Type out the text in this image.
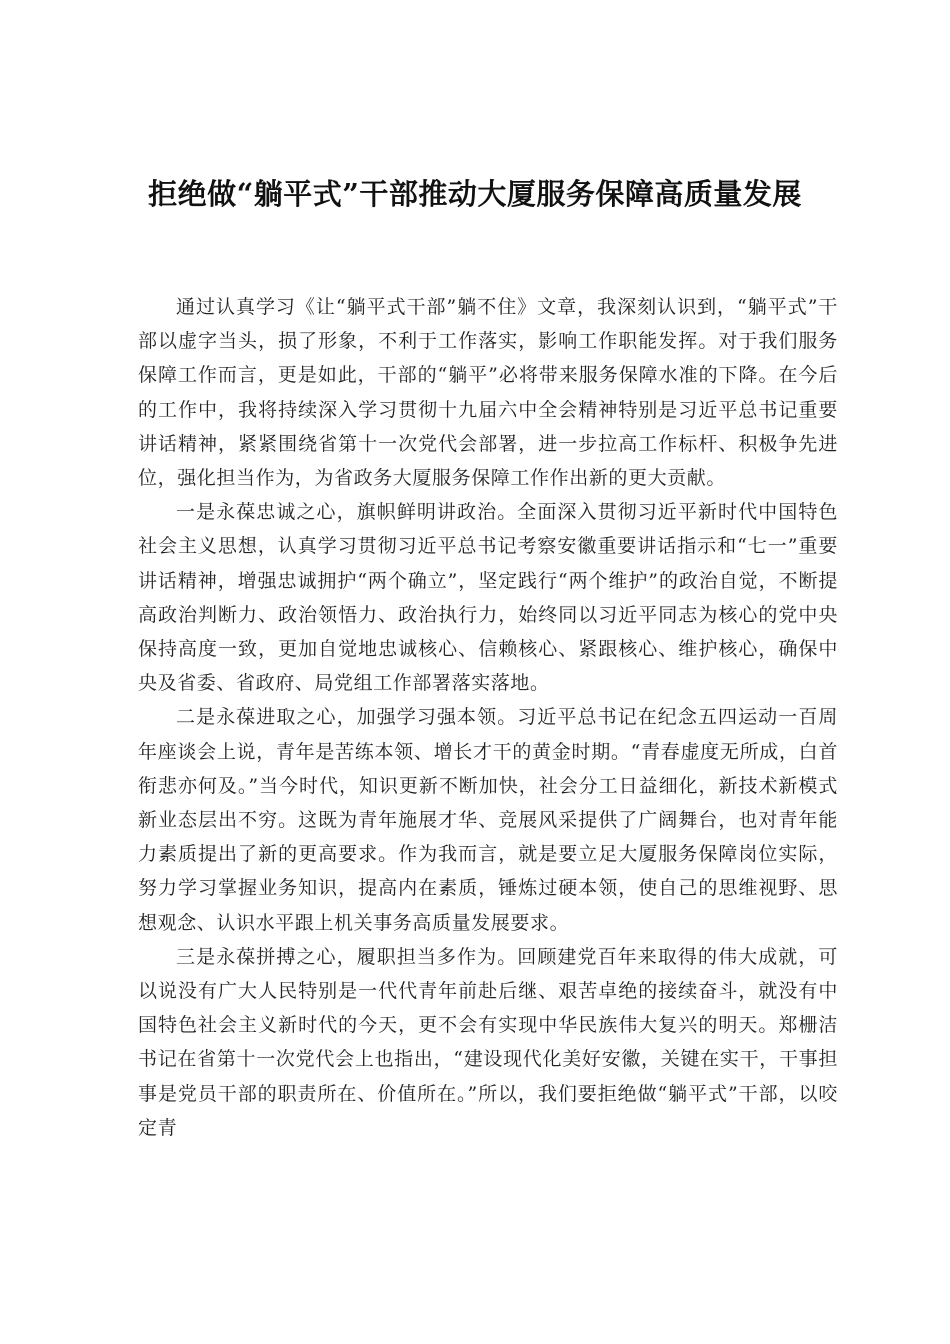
拒绝做“躺平式”干部推动大厦服务保障高质量发展

通过认真学习《让“躺平式干部”躺不住》文章，我深刻认识到，“躺平式”干部以虚字当头，损了形象，不利于工作落实，影响工作职能发挥。对于我们服务保障工作而言，更是如此，干部的“躺平”必将带来服务保障水准的下降。在今后的工作中，我将持续深入学习贯彻十九届六中全会精神特别是习近平总书记重要讲话精神，紧紧围绕省第十一次党代会部署，进一步拉高工作标杆、积极争先进位，强化担当作为，为省政务大厦服务保障工作作出新的更大贡献。

一是永葆忠诚之心，旗帜鲜明讲政治。全面深入贯彻习近平新时代中国特色社会主义思想，认真学习贯彻习近平总书记考察安徽重要讲话指示和“七一”重要讲话精神，增强忠诚拥护“两个确立”，坚定践行“两个维护”的政治自觉，不断提高政治判断力、政治领悟力、政治执行力，始终同以习近平同志为核心的党中央保持高度一致，更加自觉地忠诚核心、信赖核心、紧跟核心、维护核心，确保中央及省委、省政府、局党组工作部署落实落地。

二是永葆进取之心，加强学习强本领。习近平总书记在纪念五四运动一百周年座谈会上说，青年是苦练本领、增长才干的黄金时期。“青春虚度无所成，白首衔悲亦何及。”当今时代，知识更新不断加快，社会分工日益细化，新技术新模式新业态层出不穷。这既为青年施展才华、竞展风采提供了广阔舞台，也对青年能力素质提出了新的更高要求。作为我而言，就是要立足大厦服务保障岗位实际，努力学习掌握业务知识，提高内在素质，锤炼过硬本领，使自己的思维视野、思想观念、认识水平跟上机关事务高质量发展要求。

三是永葆拼搏之心，履职担当多作为。回顾建党百年来取得的伟大成就，可以说没有广大人民特别是一代代青年前赴后继、艰苦卓绝的接续奋斗，就没有中国特色社会主义新时代的今天，更不会有实现中华民族伟大复兴的明天。郑栅洁书记在省第十一次党代会上也指出，“建设现代化美好安徽，关键在实干，干事担事是党员干部的职责所在、价值所在。”所以，我们要拒绝做“躺平式”干部，以咬定青
